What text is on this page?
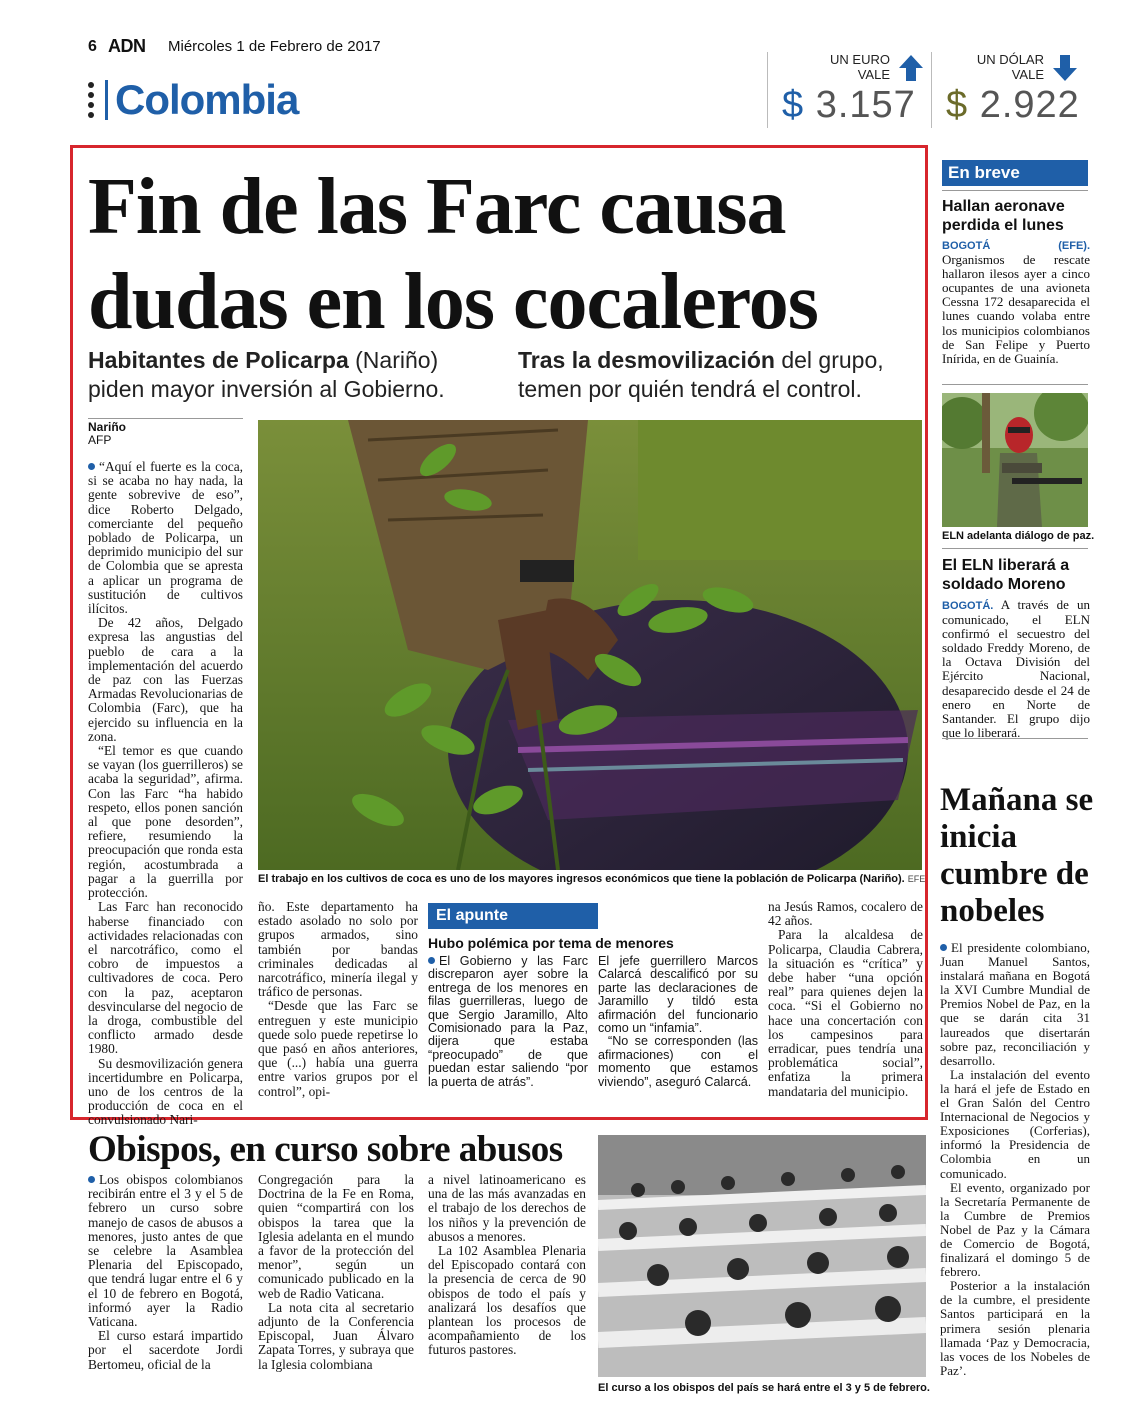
6 ADN Miércoles 1 de Febrero de 2017
Colombia
UN EURO
VALE
$ 3.157
UN DÓLAR
VALE
$ 2.922
Fin de las Farc causa
dudas en los cocaleros
Habitantes de Policarpa (Nariño)
piden mayor inversión al Gobierno.
Tras la desmovilización del grupo,
temen por quién tendrá el control.
Nariño
AFP

“Aquí el fuerte es la coca, si se acaba no hay nada, la gente sobrevive de eso”, dice Roberto Delgado, comerciante del pequeño poblado de Policarpa, un deprimido municipio del sur de Colombia que se apresta a aplicar un programa de sustitución de cultivos ilícitos.

De 42 años, Delgado expresa las angustias del pueblo de cara a la implementación del acuerdo de paz con las Fuerzas Armadas Revolucionarias de Colombia (Farc), que ha ejercido su influencia en la zona.

“El temor es que cuando se vayan (los guerrilleros) se acaba la seguridad”, afirma. Con las Farc “ha habido respeto, ellos ponen sanción al que pone desorden”, refiere, resumiendo la preocupación que ronda esta región, acostumbrada a pagar a la guerrilla por protección.

Las Farc han reconocido haberse financiado con actividades relacionadas con el narcotráfico, como el cobro de impuestos a cultivadores de coca. Pero con la paz, aceptaron desvincularse del negocio de la droga, combustible del conflicto armado desde 1980.

Su desmovilización genera incertidumbre en Policarpa, uno de los centros de la producción de coca en el convulsionado Nari-

El trabajo en los cultivos de coca es uno de los mayores ingresos económicos que tiene la población de Policarpa (Nariño). EFE

ño. Este departamento ha estado asolado no solo por grupos armados, sino también por bandas criminales dedicadas al narcotráfico, minería ilegal y tráfico de personas.

“Desde que las Farc se entreguen y este municipio quede solo puede repetirse lo que pasó en años anteriores, que (...) había una guerra entre varios grupos por el control”, opi-

El apunte
Hubo polémica por tema de menores

El Gobierno y las Farc discreparon ayer sobre la entrega de los menores en filas guerrilleras, luego de que Sergio Jaramillo, Alto Comisionado para la Paz, dijera que estaba “preocupado” de que puedan estar saliendo “por la puerta de atrás”.

El jefe guerrillero Marcos Calarcá descalificó por su parte las declaraciones de Jaramillo y tildó esta afirmación del funcionario como un “infamia”.

“No se corresponden (las afirmaciones) con el momento que estamos viviendo”, aseguró Calarcá.

na Jesús Ramos, cocalero de 42 años.

Para la alcaldesa de Policarpa, Claudia Cabrera, la situación es “crítica” y debe haber “una opción real” para quienes dejen la coca. “Si el Gobierno no hace una concertación con los campesinos para erradicar, pues tendría una problemática social”, enfatiza la primera mandataria del municipio.

En breve
Hallan aeronave perdida el lunes
BOGOTÁ (EFE). Organismos de rescate hallaron ilesos ayer a cinco ocupantes de una avioneta Cessna 172 desaparecida el lunes cuando volaba entre los municipios colombianos de San Felipe y Puerto Inírida, en de Guainía.
ELN adelanta diálogo de paz.
El ELN liberará a soldado Moreno
BOGOTÁ. A través de un comunicado, el ELN confirmó el secuestro del soldado Freddy Moreno, de la Octava División del Ejército Nacional, desaparecido desde el 24 de enero en Norte de Santander. El grupo dijo que lo liberará.
Mañana se inicia cumbre de nobeles

El presidente colombiano, Juan Manuel Santos, instalará mañana en Bogotá la XVI Cumbre Mundial de Premios Nobel de Paz, en la que se darán cita 31 laureados que disertarán sobre paz, reconciliación y desarrollo.

La instalación del evento la hará el jefe de Estado en el Gran Salón del Centro Internacional de Negocios y Exposiciones (Corferias), informó la Presidencia de Colombia en un comunicado.

El evento, organizado por la Secretaría Permanente de la Cumbre de Premios Nobel de Paz y la Cámara de Comercio de Bogotá, finalizará el domingo 5 de febrero.

Posterior a la instalación de la cumbre, el presidente Santos participará en la primera sesión plenaria llamada ‘Paz y Democracia, las voces de los Nobeles de Paz’.

Obispos, en curso sobre abusos

Los obispos colombianos recibirán entre el 3 y el 5 de febrero un curso sobre manejo de casos de abusos a menores, justo antes de que se celebre la Asamblea Plenaria del Episcopado, que tendrá lugar entre el 6 y el 10 de febrero en Bogotá, informó ayer la Radio Vaticana.

El curso estará impartido por el sacerdote Jordi Bertomeu, oficial de la

Congregación para la Doctrina de la Fe en Roma, quien “compartirá con los obispos la tarea que la Iglesia adelanta en el mundo a favor de la protección del menor”, según un comunicado publicado en la web de Radio Vaticana.

La nota cita al secretario adjunto de la Conferencia Episcopal, Juan Álvaro Zapata Torres, y subraya que la Iglesia colombiana

a nivel latinoamericano es una de las más avanzadas en el trabajo de los derechos de los niños y la prevención de abusos a menores.

La 102 Asamblea Plenaria del Episcopado contará con la presencia de cerca de 90 obispos de todo el país y analizará los desafíos que plantean los procesos de acompañamiento de los futuros pastores.

El curso a los obispos del país se hará entre el 3 y 5 de febrero.
